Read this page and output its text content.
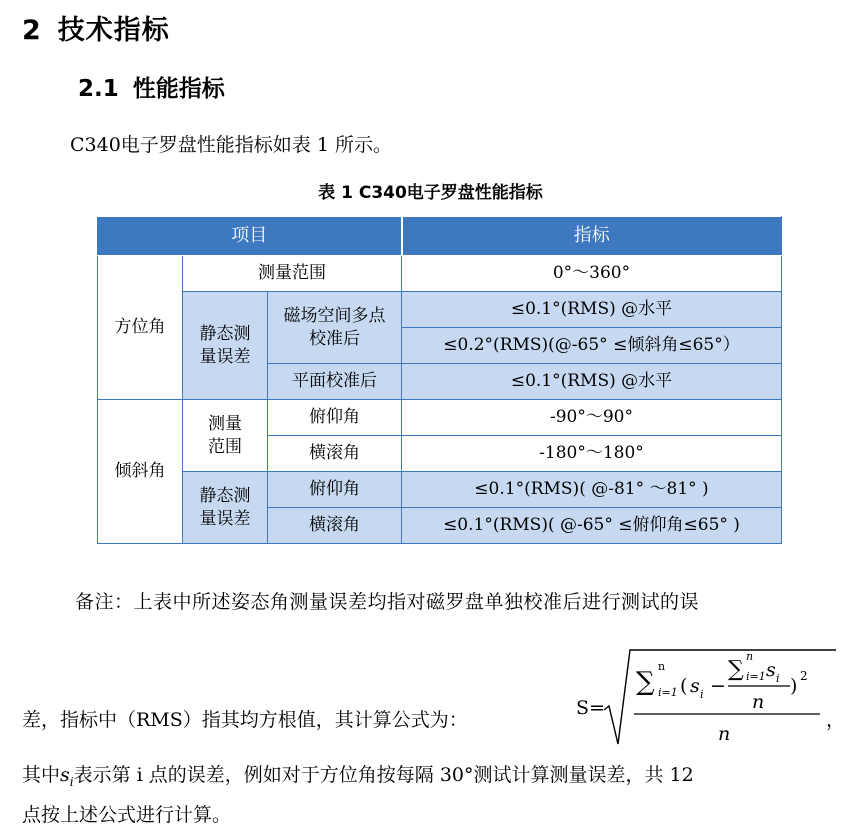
2 技术指标
2.1 性能指标
C340电子罗盘性能指标如表 1 所示。
表 1 C340电子罗盘性能指标
项目			指标
方位角	测量范围		0°～360°
	静态测量误差	磁场空间多点校准后	≤0.1°(RMS) @水平
			≤0.2°(RMS)(@-65° ≤倾斜角≤65°）
		平面校准后	≤0.1°(RMS) @水平
倾斜角	测量范围	俯仰角	-90°～90°
		横滚角	-180°～180°
	静态测量误差	俯仰角	≤0.1°(RMS)( @-81° ～81° )
		横滚角	≤0.1°(RMS)( @-65° ≤俯仰角≤65° )
备注：上表中所述姿态角测量误差均指对磁罗盘单独校准后进行测试的误
差，指标中（RMS）指其均方根值，其计算公式为：
S=
∑
n
i=1 ( s i −
∑
n
i=1 s i
n
) 2
n
，
其中$s_i$表示第 i 点的误差，例如对于方位角按每隔 30°测试计算测量误差，共 12
点按上述公式进行计算。
